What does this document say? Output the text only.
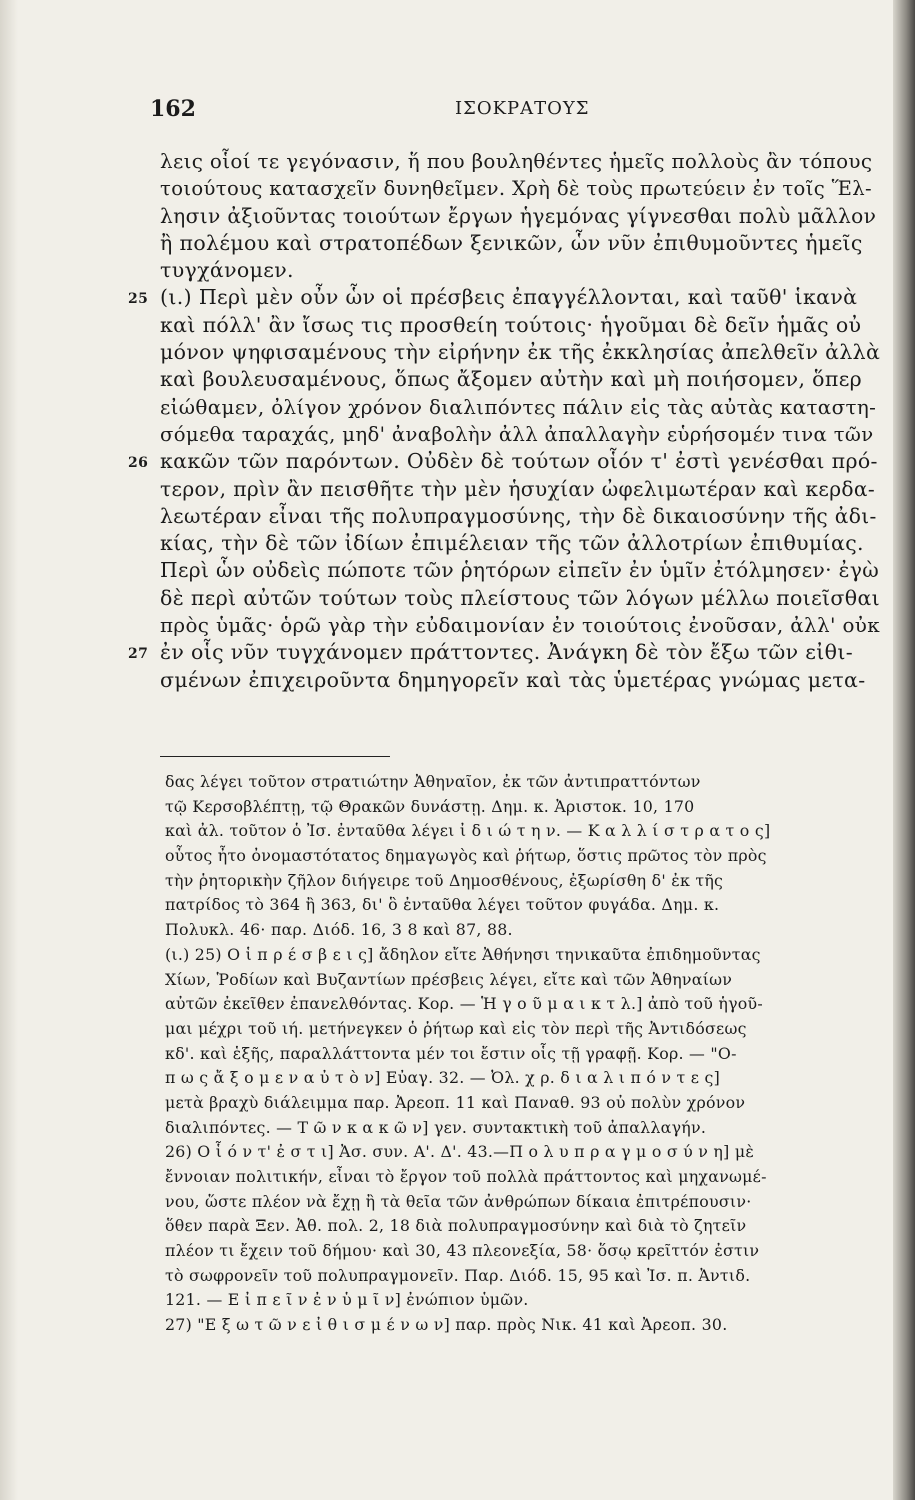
162	ΙΣΟΚΡΑΤΟΥΣ
λεις οἷοί τε γεγόνασιν, ἥ που βουληθέντες ἡμεῖς πολλοὺς ἂν τόπους
τοιούτους κατασχεῖν δυνηθεῖμεν. Χρὴ δὲ τοὺς πρωτεύειν ἐν τοῖς Ἕλ-
λησιν ἀξιοῦντας τοιούτων ἔργων ἡγεμόνας γίγνεσθαι πολὺ μᾶλλον
ἢ πολέμου καὶ στρατοπέδων ξενικῶν, ὧν νῦν ἐπιθυμοῦντες ἡμεῖς
τυγχάνομεν.
25 (ι.) Περὶ μὲν οὖν ὧν οἱ πρέσβεις ἐπαγγέλλονται, καὶ ταῦθ' ἱκανὰ
καὶ πόλλ' ἂν ἴσως τις προσθείη τούτοις· ἡγοῦμαι δὲ δεῖν ἡμᾶς οὐ
μόνον ψηφισαμένους τὴν εἰρήνην ἐκ τῆς ἐκκλησίας ἀπελθεῖν ἀλλὰ
καὶ βουλευσαμένους, ὅπως ἄξομεν αὐτὴν καὶ μὴ ποιήσομεν, ὅπερ
εἰώθαμεν, ὀλίγον χρόνον διαλιπόντες πάλιν εἰς τὰς αὐτὰς καταστη-
σόμεθα ταραχάς, μηδ' ἀναβολὴν ἀλλ ἀπαλλαγὴν εὑρήσομέν τινα τῶν
26 κακῶν τῶν παρόντων. Οὐδὲν δὲ τούτων οἷόν τ' ἐστὶ γενέσθαι πρό-
τερον, πρὶν ἂν πεισθῆτε τὴν μὲν ἡσυχίαν ὠφελιμωτέραν καὶ κερδα-
λεωτέραν εἶναι τῆς πολυπραγμοσύνης, τὴν δὲ δικαιοσύνην τῆς ἀδι-
κίας, τὴν δὲ τῶν ἰδίων ἐπιμέλειαν τῆς τῶν ἀλλοτρίων ἐπιθυμίας.
Περὶ ὧν οὐδεὶς πώποτε τῶν ῥητόρων εἰπεῖν ἐν ὑμῖν ἐτόλμησεν· ἐγὼ
δὲ περὶ αὐτῶν τούτων τοὺς πλείστους τῶν λόγων μέλλω ποιεῖσθαι
πρὸς ὑμᾶς· ὁρῶ γὰρ τὴν εὐδαιμονίαν ἐν τοιούτοις ἐνοῦσαν, ἀλλ' οὐκ
27 ἐν οἷς νῦν τυγχάνομεν πράττοντες. Ἀνάγκη δὲ τὸν ἔξω τῶν εἰθι-
σμένων ἐπιχειροῦντα δημηγορεῖν καὶ τὰς ὑμετέρας γνώμας μετα-
δας λέγει τοῦτον στρατιώτην Ἀθηναῖον, ἐκ τῶν ἀντιπραττόντων
τῷ Κερσοβλέπτῃ, τῷ Θρακῶν δυνάστῃ. Δημ. κ. Ἀριστοκ. 10, 170
καὶ ἀλ. τοῦτον ὁ Ἰσ. ἐνταῦθα λέγει ἰ δ ι ώ τ η ν. — Κ α λ λ ί σ τ ρ α τ ο ς]
οὗτος ἦτο ὀνομαστότατος δημαγωγὸς καὶ ῥήτωρ, ὅστις πρῶτος τὸν πρὸς
τὴν ῥητορικὴν ζῆλον διήγειρε τοῦ Δημοσθένους, ἐξωρίσθη δ' ἐκ τῆς
πατρίδος τὸ 364 ἢ 363, δι' ὃ ἐνταῦθα λέγει τοῦτον φυγάδα. Δημ. κ.
Πολυκλ. 46· παρ. Διόδ. 16, 3 8 καὶ 87, 88.
(ι.) 25) Ο ἱ π ρ έ σ β ε ι ς] ἄδηλον εἴτε Ἀθήνησι τηνικαῦτα ἐπιδημοῦντας
Χίων, Ῥοδίων καὶ Βυζαντίων πρέσβεις λέγει, εἴτε καὶ τῶν Ἀθηναίων
αὐτῶν ἐκεῖθεν ἐπανελθόντας. Κορ. — Ἡ γ ο ῦ μ α ι κ τ λ.] ἀπὸ τοῦ ἡγοῦ-
μαι μέχρι τοῦ ιή. μετήνεγκεν ὁ ῥήτωρ καὶ εἰς τὸν περὶ τῆς Ἀντιδόσεως
κδ'. καὶ ἑξῆς, παραλλάττοντα μέν τοι ἔστιν οἷς τῇ γραφῇ. Κορ. — "Ο-
π ω ς ἄ ξ ο μ ε ν α ὐ τ ὸ ν] Εὐαγ. 32. — Ὀλ. χ ρ. δ ι α λ ι π ό ν τ ε ς]
μετὰ βραχὺ διάλειμμα παρ. Ἀρεοπ. 11 καὶ Παναθ. 93 οὐ πολὺν χρόνον
διαλιπόντες. — Τ ῶ ν κ α κ ῶ ν] γεν. συντακτικὴ τοῦ ἀπαλλαγήν.
26) Ο ἷ ό ν τ' ἐ σ τ ι] Ἀσ. συν. Α'. Δ'. 43.—Π ο λ υ π ρ α γ μ ο σ ύ ν η] μὲ
ἔννοιαν πολιτικήν, εἶναι τὸ ἔργον τοῦ πολλὰ πράττοντος καὶ μηχανωμέ-
νου, ὥστε πλέον νὰ ἔχῃ ἢ τὰ θεῖα τῶν ἀνθρώπων δίκαια ἐπιτρέπουσιν·
ὅθεν παρὰ Ξεν. Ἀθ. πολ. 2, 18 διὰ πολυπραγμοσύνην καὶ διὰ τὸ ζητεῖν
πλέον τι ἔχειν τοῦ δήμου· καὶ 30, 43 πλεονεξία, 58· ὅσῳ κρεῖττόν ἐστιν
τὸ σωφρονεῖν τοῦ πολυπραγμονεῖν. Παρ. Διόδ. 15, 95 καὶ Ἰσ. π. Ἀντιδ.
121. — Ε ἰ π ε ῖ ν ἐ ν ὑ μ ῖ ν] ἐνώπιον ὑμῶν.
27) "Ε ξ ω τ ῶ ν ε ἰ θ ι σ μ έ ν ω ν] παρ. πρὸς Νικ. 41 καὶ Ἀρεοπ. 30.
